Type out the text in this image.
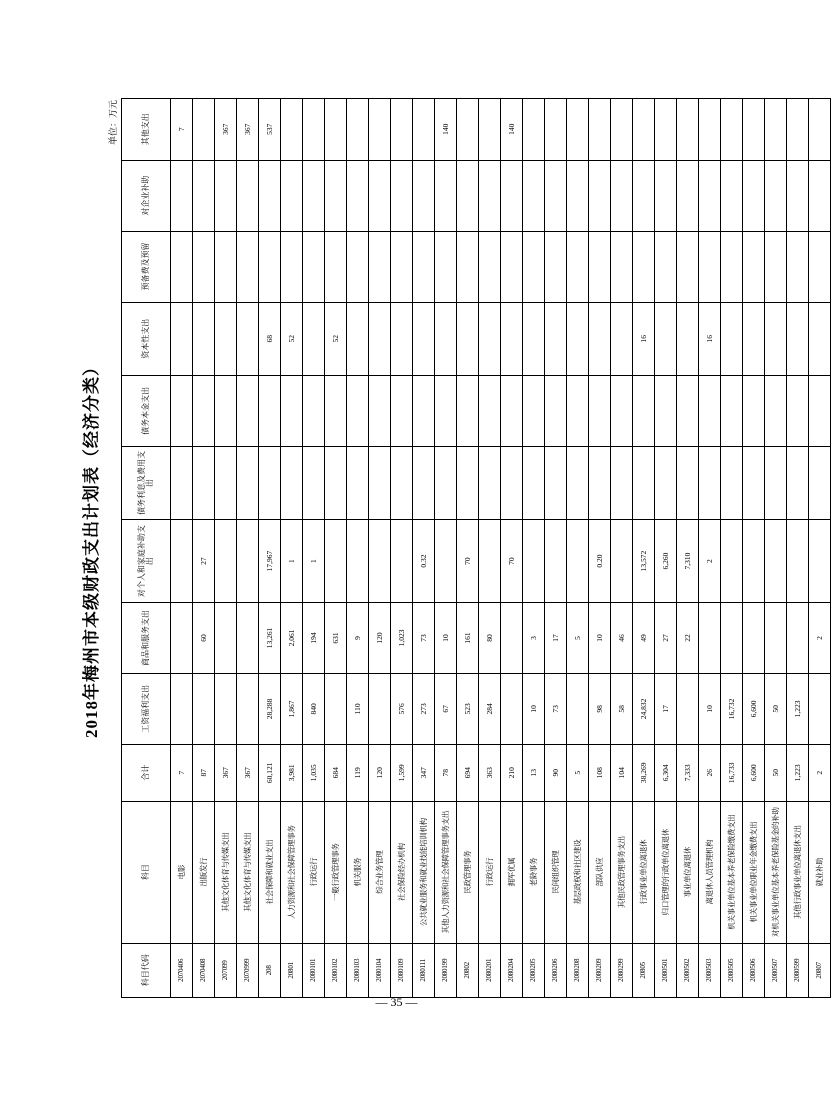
2018年梅州市本级财政支出计划表（经济分类）
单位：万元
科目代码	科目	合计	工资福利支出	商品和服务支出	对个人和家庭补助支出	债务利息及费用支出	债务本金支出	资本性支出	预备费及预留	对企业补助	其他支出
2070406	电影	7									7
2070408	出版发行	87		60	27						
207099	其他文化体育与传媒支出	367									367
2070999	其他文化体育与传媒支出	367									367
208	社会保障和就业支出	60,121	28,288	13,261	17,967			68			537
20801	人力资源和社会保障管理事务	3,981	1,867	2,061	1			52			
2080101	行政运行	1,035	840	194	1						
2080102	一般行政管理事务	684		631				52			
2080103	机关服务	119	110	9							
2080104	综合业务管理	120		120							
2080109	社会保险经办机构	1,599	576	1,023							
2080111	公共就业服务和就业技能培训机构	347	273	73	0.32						
2080199	其他人力资源和社会保障管理事务支出	78	67	10							140
20802	民政管理事务	694	523	161	70						
2080201	行政运行	363	284	80							
2080204	拥军优属	210			70						140
2080205	老龄事务	13	10	3							
2080206	民间组织管理	90	73	17							
2080208	基层政权和社区建设	5		5							
2080209	部队供应	108	98	10	0.20						
2080299	其他民政管理事务支出	104	58	46							
20805	行政事业单位离退休	38,269	24,832	49	13,572			16			
2080501	归口管理的行政单位离退休	6,304	17	27	6,260						
2080502	事业单位离退休	7,333		22	7,310						
2080503	离退休人员管理机构	26	10		2			16			
2080505	机关事业单位基本养老保险缴费支出	16,733	16,732								
2080506	机关事业单位职业年金缴费支出	6,600	6,600								
2080507	对机关事业单位基本养老保险基金的补助	50	50								
2080599	其他行政事业单位离退休支出	1,223	1,223								
20807	就业补助	2		2							
— 35 —
